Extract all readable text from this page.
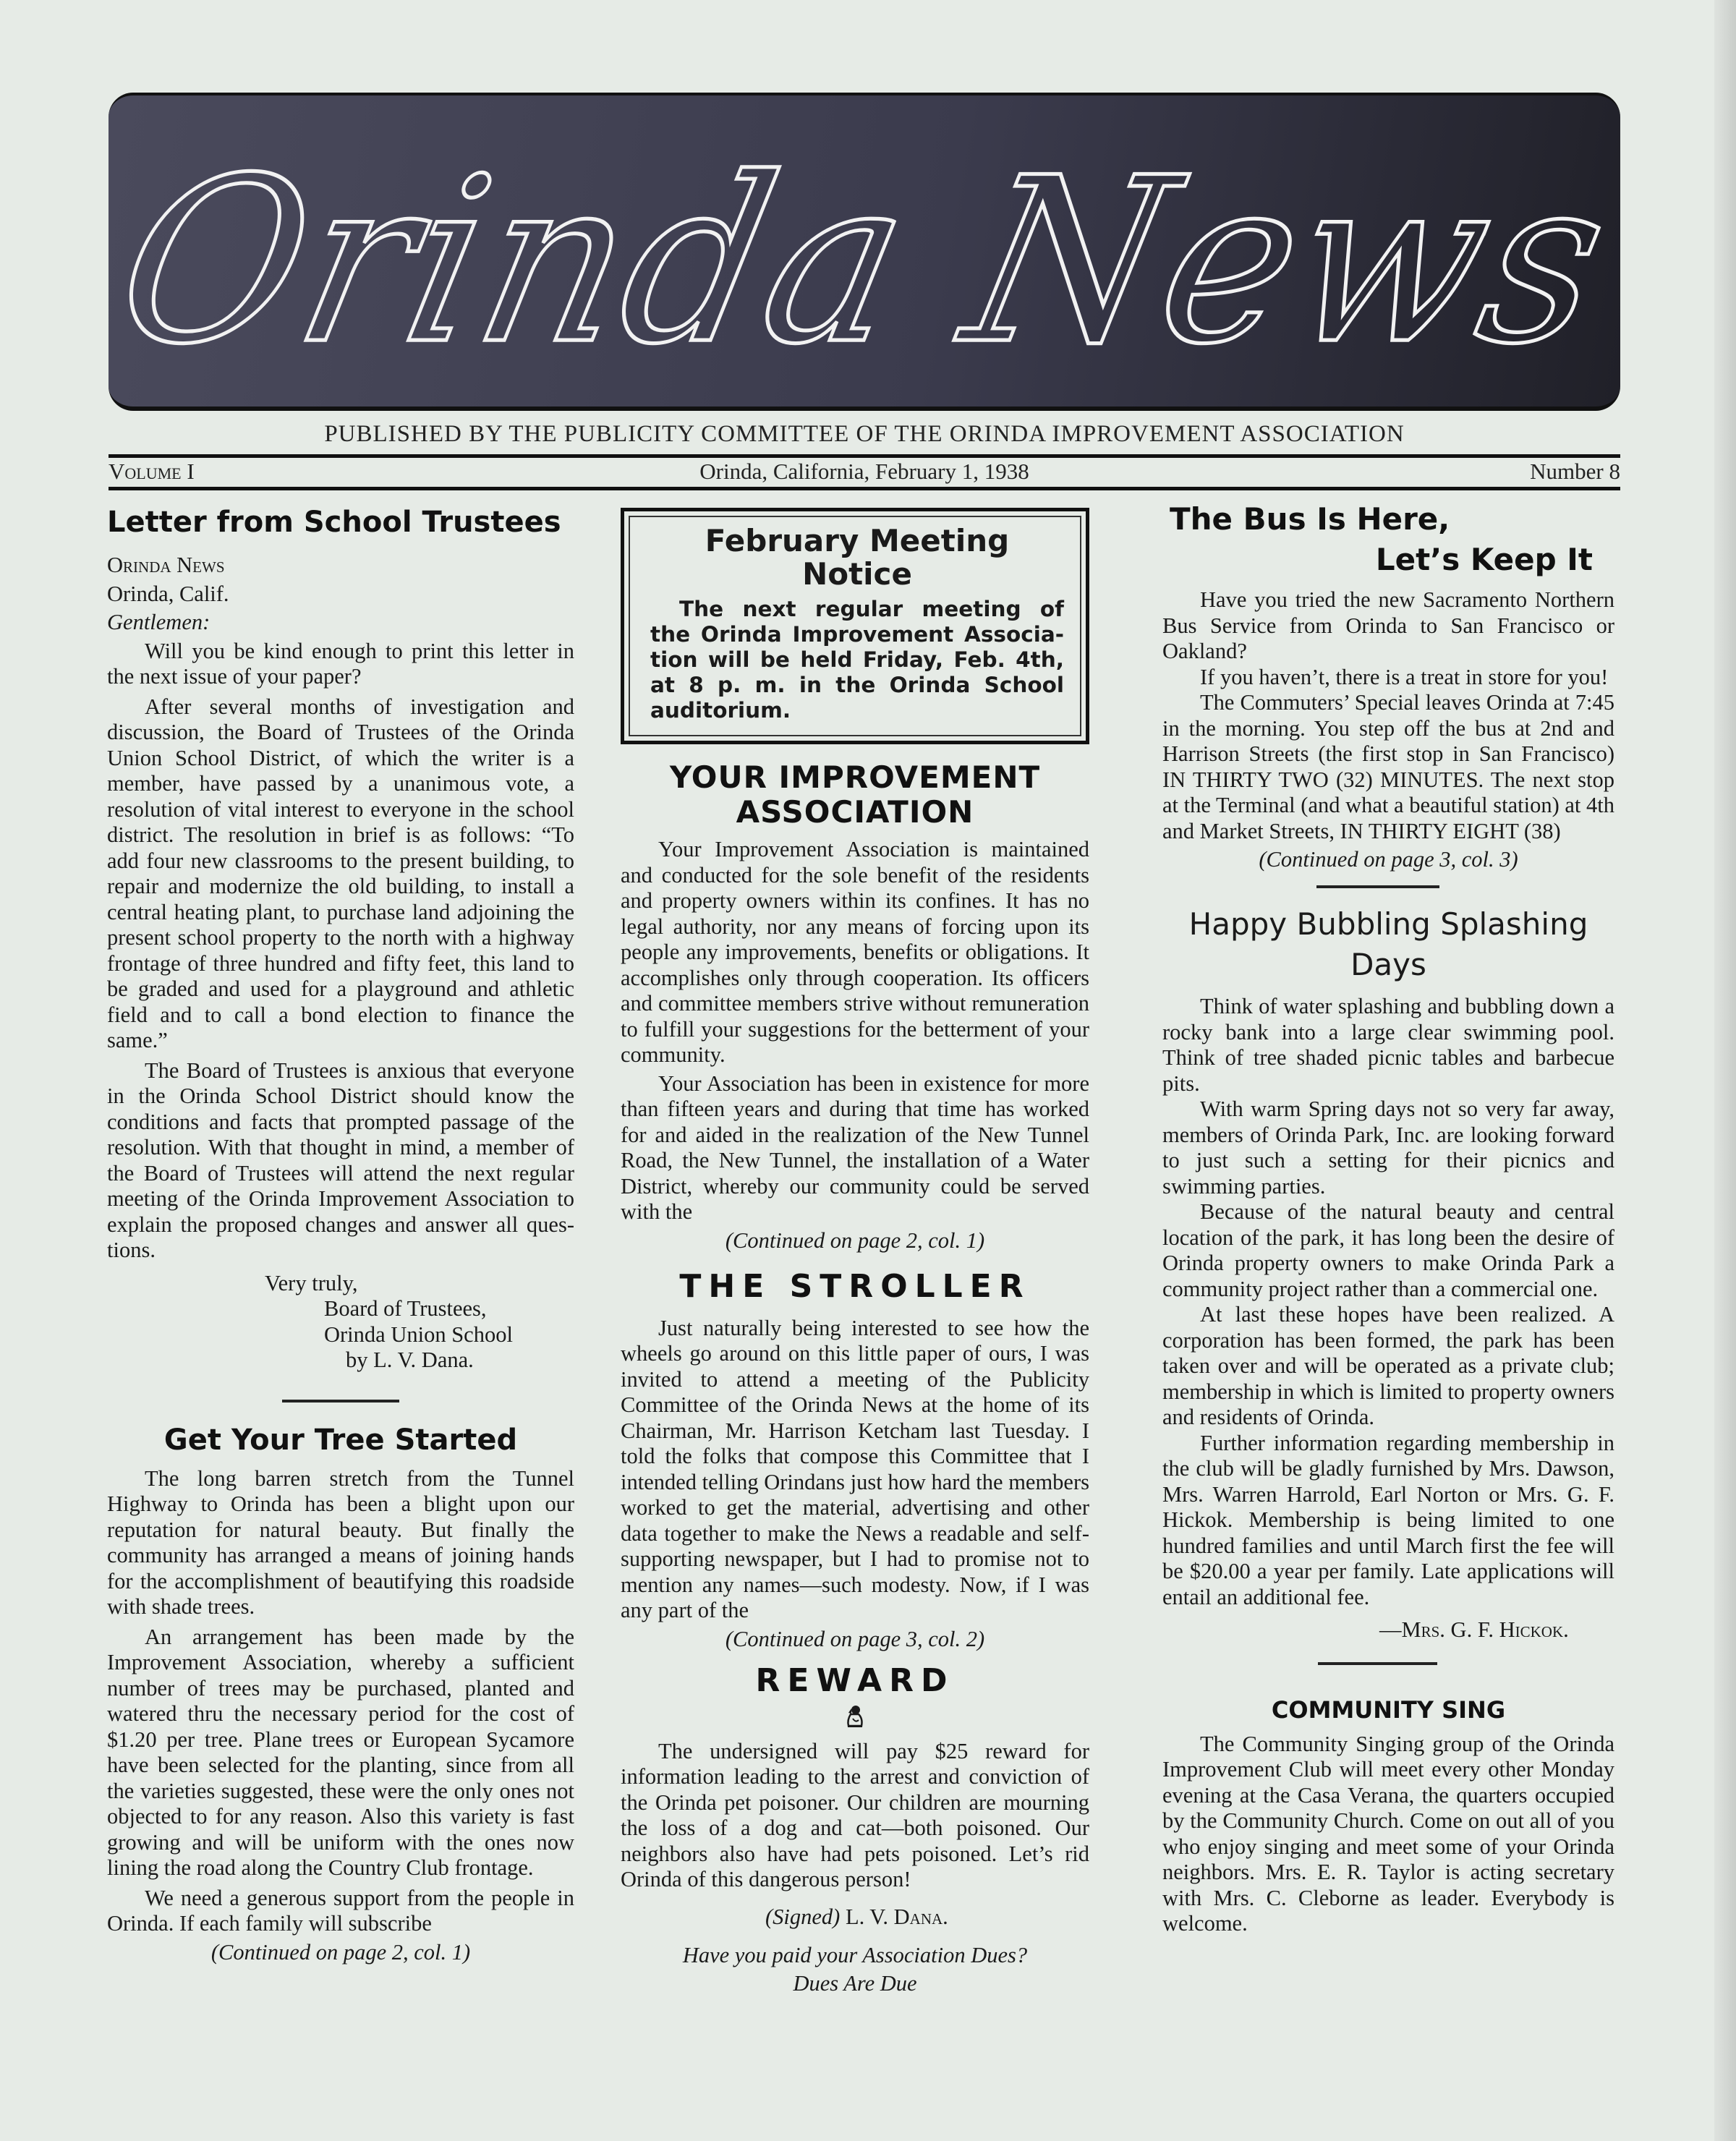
Orinda News
PUBLISHED BY THE PUBLICITY COMMITTEE OF THE ORINDA IMPROVEMENT ASSOCIATION
Volume I	Orinda, California, February 1, 1938	Number 8
Letter from School Trustees

Orinda News

Orinda, Calif.

Gentlemen:

Will you be kind enough to print this letter in the next issue of your paper?

After several months of investigation and discussion, the Board of Trustees of the Orinda Union School District, of which the writer is a member, have passed by a unanimous vote, a resolution of vital interest to everyone in the school district. The resolution in brief is as follows: “To add four new classrooms to the present building, to repair and modernize the old building, to install a central heating plant, to purchase land adjoining the present school property to the north with a highway frontage of three hundred and fifty feet, this land to be graded and used for a playground and athletic field and to call a bond election to finance the same.”

The Board of Trustees is anxious that everyone in the Orinda School District should know the conditions and facts that prompted passage of the resolution. With that thought in mind, a member of the Board of Trustees will attend the next regular meeting of the Orinda Improvement Association to explain the proposed changes and answer all questions.

Very truly,

Board of Trustees,

Orinda Union School

by L. V. Dana.

Get Your Tree Started

The long barren stretch from the Tunnel Highway to Orinda has been a blight upon our reputation for natural beauty. But finally the community has arranged a means of joining hands for the accomplishment of beautifying this roadside with shade trees.

An arrangement has been made by the Improvement Association, whereby a sufficient number of trees may be purchased, planted and watered thru the necessary period for the cost of $1.20 per tree. Plane trees or European Sycamore have been selected for the planting, since from all the varieties suggested, these were the only ones not objected to for any reason. Also this variety is fast growing and will be uniform with the ones now lining the road along the Country Club frontage.

We need a generous support from the people in Orinda. If each family will subscribe

(Continued on page 2, col. 1)

February Meeting Notice

The next regular meeting of the Orinda Improvement Association will be held Friday, Feb. 4th, at 8 p. m. in the Orinda School auditorium.

YOUR IMPROVEMENT ASSOCIATION

Your Improvement Association is maintained and conducted for the sole benefit of the residents and property owners within its confines. It has no legal authority, nor any means of forcing upon its people any improvements, benefits or obligations. It accomplishes only through cooperation. Its officers and committee members strive without remuneration to fulfill your suggestions for the betterment of your community.

Your Association has been in existence for more than fifteen years and during that time has worked for and aided in the realization of the New Tunnel Road, the New Tunnel, the installation of a Water District, whereby our community could be served with the

(Continued on page 2, col. 1)

THE STROLLER

Just naturally being interested to see how the wheels go around on this little paper of ours, I was invited to attend a meeting of the Publicity Committee of the Orinda News at the home of its Chairman, Mr. Harrison Ketcham last Tuesday. I told the folks that compose this Committee that I intended telling Orindans just how hard the members worked to get the material, advertising and other data together to make the News a readable and self-supporting newspaper, but I had to promise not to mention any names—such modesty. Now, if I was any part of the

(Continued on page 3, col. 2)

REWARD

The undersigned will pay $25 reward for information leading to the arrest and conviction of the Orinda pet poisoner. Our children are mourning the loss of a dog and cat—both poisoned. Our neighbors also have had pets poisoned. Let’s rid Orinda of this dangerous person!

(Signed) L. V. Dana.

Have you paid your Association Dues?

Dues Are Due

The Bus Is Here,
Let’s Keep It

Have you tried the new Sacramento Northern Bus Service from Orinda to San Francisco or Oakland?

If you haven’t, there is a treat in store for you!

The Commuters’ Special leaves Orinda at 7:45 in the morning. You step off the bus at 2nd and Harrison Streets (the first stop in San Francisco) IN THIRTY TWO (32) MINUTES. The next stop at the Terminal (and what a beautiful station) at 4th and Market Streets, IN THIRTY EIGHT (38)

(Continued on page 3, col. 3)

Happy Bubbling Splashing Days

Think of water splashing and bubbling down a rocky bank into a large clear swimming pool. Think of tree shaded picnic tables and barbecue pits.

With warm Spring days not so very far away, members of Orinda Park, Inc. are looking forward to just such a setting for their picnics and swimming parties.

Because of the natural beauty and central location of the park, it has long been the desire of Orinda property owners to make Orinda Park a community project rather than a commercial one.

At last these hopes have been realized. A corporation has been formed, the park has been taken over and will be operated as a private club; membership in which is limited to property owners and residents of Orinda.

Further information regarding membership in the club will be gladly furnished by Mrs. Dawson, Mrs. Warren Harrold, Earl Norton or Mrs. G. F. Hickok. Membership is being limited to one hundred families and until March first the fee will be $20.00 a year per family. Late applications will entail an additional fee.

—Mrs. G. F. Hickok.

COMMUNITY SING

The Community Singing group of the Orinda Improvement Club will meet every other Monday evening at the Casa Verana, the quarters occupied by the Community Church. Come on out all of you who enjoy singing and meet some of your Orinda neighbors. Mrs. E. R. Taylor is acting secretary with Mrs. C. Cleborne as leader. Everybody is welcome.
